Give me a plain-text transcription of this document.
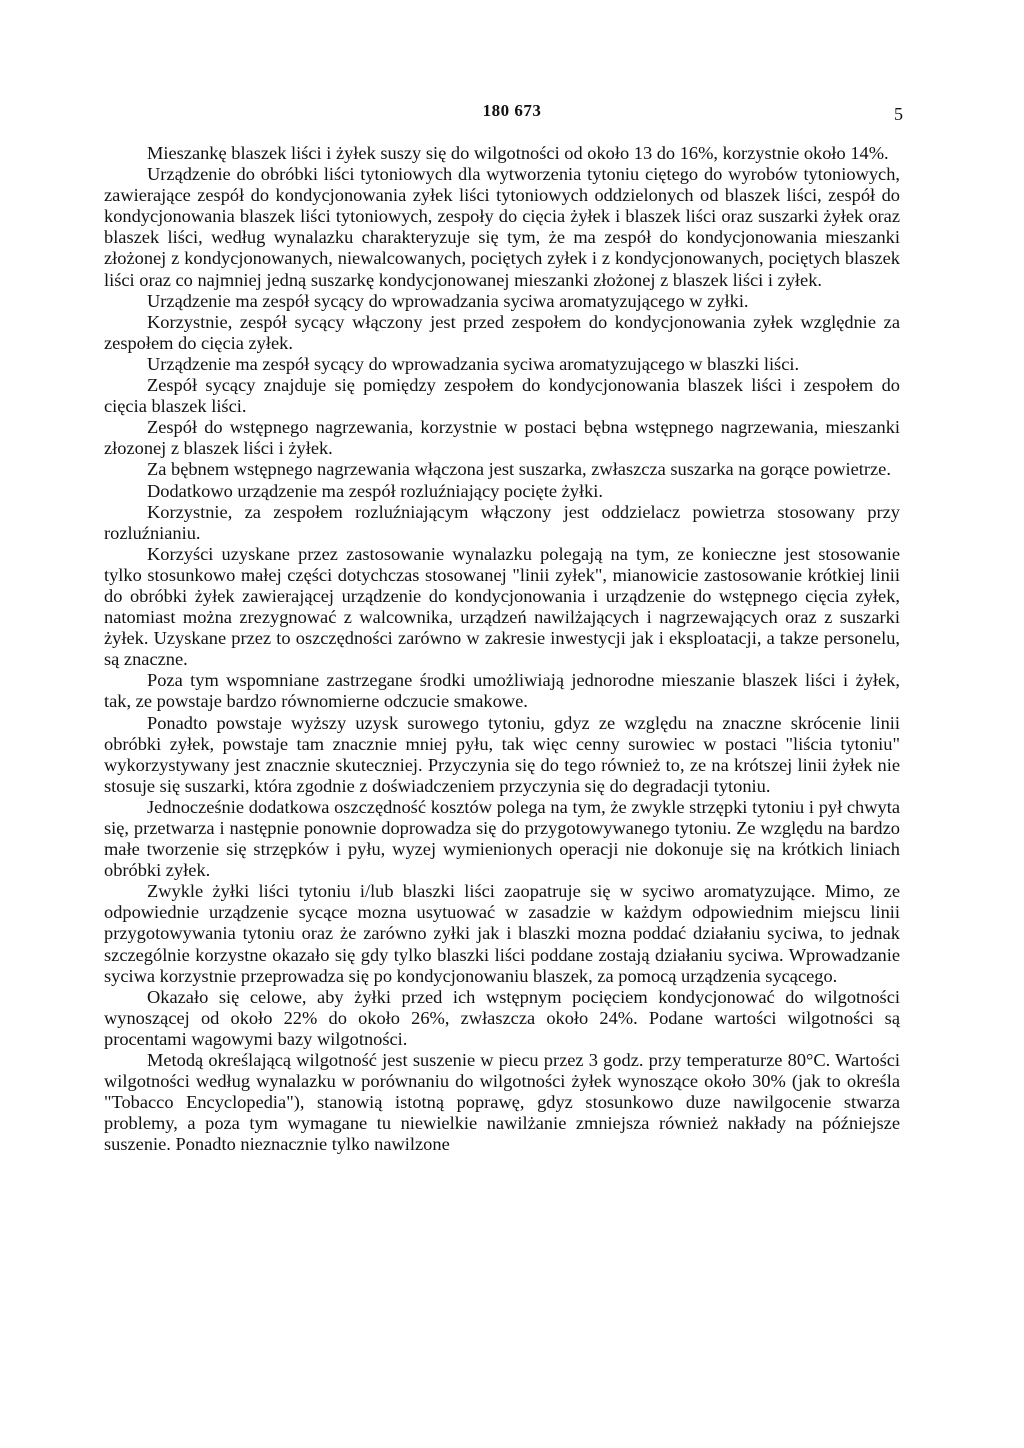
180 673	5

Mieszankę blaszek liści i żyłek suszy się do wilgotności od około 13 do 16%, korzystnie około 14%.

Urządzenie do obróbki liści tytoniowych dla wytworzenia tytoniu ciętego do wyrobów tytoniowych, zawierające zespół do kondycjonowania zyłek liści tytoniowych oddzielonych od blaszek liści, zespół do kondycjonowania blaszek liści tytoniowych, zespoły do cięcia żyłek i blaszek liści oraz suszarki żyłek oraz blaszek liści, według wynalazku charakteryzuje się tym, że ma zespół do kondycjonowania mieszanki złożonej z kondycjonowanych, niewalcowanych, pociętych zyłek i z kondycjonowanych, pociętych blaszek liści oraz co najmniej jedną suszarkę kondycjonowanej mieszanki złożonej z blaszek liści i zyłek.

Urządzenie ma zespół sycący do wprowadzania syciwa aromatyzującego w zyłki.

Korzystnie, zespół sycący włączony jest przed zespołem do kondycjonowania zyłek względnie za zespołem do cięcia zyłek.

Urządzenie ma zespół sycący do wprowadzania syciwa aromatyzującego w blaszki liści.

Zespół sycący znajduje się pomiędzy zespołem do kondycjonowania blaszek liści i zespołem do cięcia blaszek liści.

Zespół do wstępnego nagrzewania, korzystnie w postaci bębna wstępnego nagrzewania, mieszanki złozonej z blaszek liści i żyłek.

Za bębnem wstępnego nagrzewania włączona jest suszarka, zwłaszcza suszarka na gorące powietrze.

Dodatkowo urządzenie ma zespół rozluźniający pocięte żyłki.

Korzystnie, za zespołem rozluźniającym włączony jest oddzielacz powietrza stosowany przy rozluźnianiu.

Korzyści uzyskane przez zastosowanie wynalazku polegają na tym, ze konieczne jest stosowanie tylko stosunkowo małej części dotychczas stosowanej "linii zyłek", mianowicie zastosowanie krótkiej linii do obróbki żyłek zawierającej urządzenie do kondycjonowania i urządzenie do wstępnego cięcia zyłek, natomiast można zrezygnować z walcownika, urządzeń nawilżających i nagrzewających oraz z suszarki żyłek. Uzyskane przez to oszczędności zarówno w zakresie inwestycji jak i eksploatacji, a takze personelu, są znaczne.

Poza tym wspomniane zastrzegane środki umożliwiają jednorodne mieszanie blaszek liści i żyłek, tak, ze powstaje bardzo równomierne odczucie smakowe.

Ponadto powstaje wyższy uzysk surowego tytoniu, gdyz ze względu na znaczne skrócenie linii obróbki zyłek, powstaje tam znacznie mniej pyłu, tak więc cenny surowiec w postaci "liścia tytoniu" wykorzystywany jest znacznie skuteczniej. Przyczynia się do tego również to, ze na krótszej linii żyłek nie stosuje się suszarki, która zgodnie z doświadczeniem przyczynia się do degradacji tytoniu.

Jednocześnie dodatkowa oszczędność kosztów polega na tym, że zwykle strzępki tytoniu i pył chwyta się, przetwarza i następnie ponownie doprowadza się do przygotowywanego tytoniu. Ze względu na bardzo małe tworzenie się strzępków i pyłu, wyzej wymienionych operacji nie dokonuje się na krótkich liniach obróbki zyłek.

Zwykle żyłki liści tytoniu i/lub blaszki liści zaopatruje się w syciwo aromatyzujące. Mimo, ze odpowiednie urządzenie sycące mozna usytuować w zasadzie w każdym odpowiednim miejscu linii przygotowywania tytoniu oraz że zarówno zyłki jak i blaszki mozna poddać działaniu syciwa, to jednak szczególnie korzystne okazało się gdy tylko blaszki liści poddane zostają działaniu syciwa. Wprowadzanie syciwa korzystnie przeprowadza się po kondycjonowaniu blaszek, za pomocą urządzenia sycącego.

Okazało się celowe, aby żyłki przed ich wstępnym pocięciem kondycjonować do wilgotności wynoszącej od około 22% do około 26%, zwłaszcza około 24%. Podane wartości wilgotności są procentami wagowymi bazy wilgotności.

Metodą określającą wilgotność jest suszenie w piecu przez 3 godz. przy temperaturze 80°C. Wartości wilgotności według wynalazku w porównaniu do wilgotności żyłek wynoszące około 30% (jak to określa "Tobacco Encyclopedia"), stanowią istotną poprawę, gdyz stosunkowo duze nawilgocenie stwarza problemy, a poza tym wymagane tu niewielkie nawilżanie zmniejsza również nakłady na późniejsze suszenie. Ponadto nieznacznie tylko nawilzone
